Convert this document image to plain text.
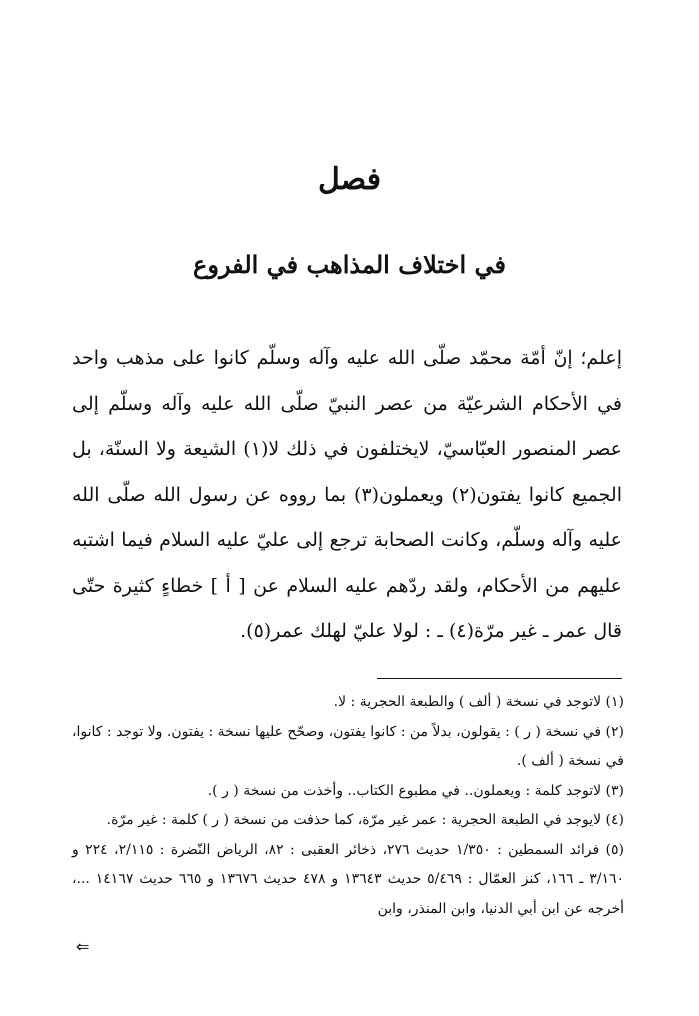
فصل
في اختلاف المذاهب في الفروع

إعلم؛ إنّ أمّة محمّد صلّى الله عليه وآله وسلّم كانوا على مذهب واحد في الأحكام الشرعيّة من عصر النبيّ صلّى الله عليه وآله وسلّم إلى عصر المنصور العبّاسيّ، لايختلفون في ذلك لا(١) الشيعة ولا السنّة، بل الجميع كانوا يفتون(٢) ويعملون(٣) بما رووه عن رسول الله صلّى الله عليه وآله وسلّم، وكانت الصحابة ترجع إلى عليّ عليه السلام فيما اشتبه عليهم من الأحكام، ولقد ردّهم عليه السلام عن [ أ ] خطاءٍ كثيرة حتّى قال عمر ـ غير مرّة(٤) ـ : لولا عليّ لهلك عمر(٥).

(١) لاتوجد في نسخة ( ألف ) والطبعة الحجرية : لا.

(٢) في نسخة ( ر ) : يقولون، بدلاً من : كانوا يفتون، وصحّح عليها نسخة : يفتون. ولا توجد : كانوا، في نسخة ( ألف ).

(٣) لاتوجد كلمة : ويعملون.. في مطبوع الكتاب.. وأخذت من نسخة ( ر ).

(٤) لايوجد في الطبعة الحجرية : عمر غير مرّة، كما حذفت من نسخة ( ر ) كلمة : غير مرّة.

(٥) فرائد السمطين : ١/٣٥٠ حديث ٢٧٦، ذخائر العقبى : ٨٢، الرياض النّضرة : ٢/١١٥، ٢٢٤ و ٣/١٦٠ ـ ١٦٦، كنز العمّال : ٥/٤٦٩ حديث ١٣٦٤٣ و ٤٧٨ حديث ١٣٦٧٦ و ٦٦٥ حديث ١٤١٦٧ ...، أخرجه عن ابن أبي الدنيا، وابن المنذر، وابن

⇐
